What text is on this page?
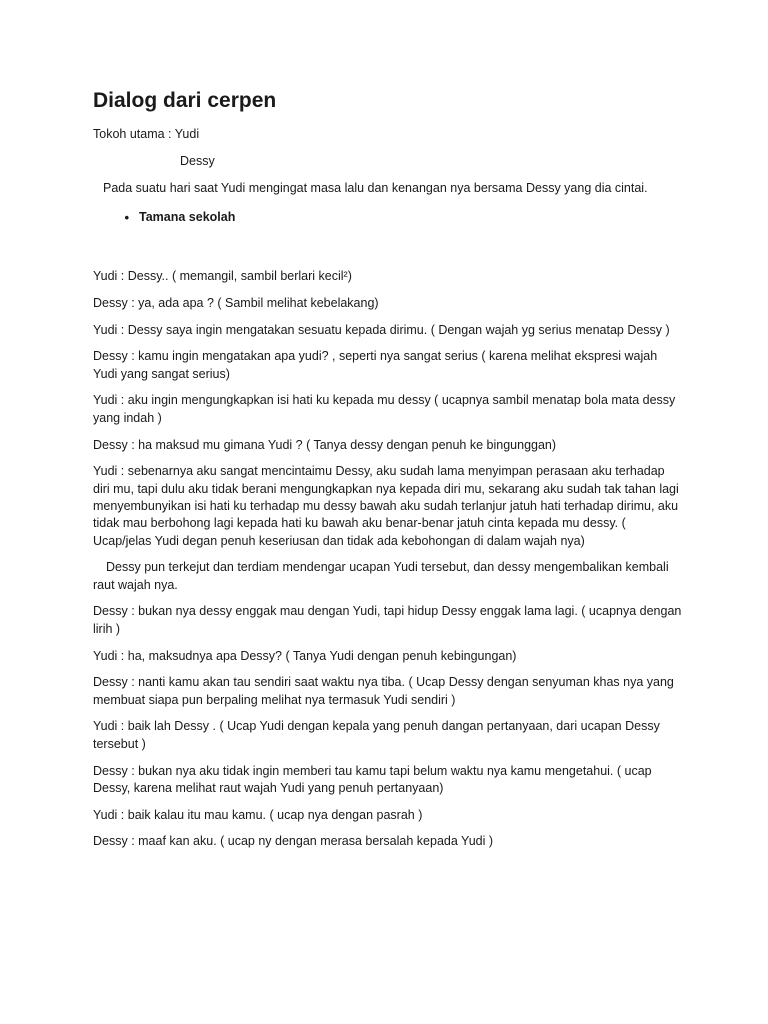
Dialog dari cerpen
Tokoh utama : Yudi
Dessy
Pada suatu hari saat Yudi mengingat masa lalu dan kenangan nya bersama Dessy yang dia cintai.
• Tamana sekolah
Yudi : Dessy.. ( memangil, sambil berlari kecil²)
Dessy : ya, ada apa ? ( Sambil melihat kebelakang)
Yudi : Dessy saya ingin mengatakan sesuatu kepada dirimu. ( Dengan wajah yg serius menatap Dessy )
Dessy : kamu ingin mengatakan apa yudi? , seperti nya sangat serius ( karena melihat ekspresi wajah Yudi yang sangat serius)
Yudi : aku ingin mengungkapkan isi hati ku kepada mu dessy ( ucapnya sambil menatap bola mata dessy yang indah )
Dessy : ha maksud mu gimana Yudi ? ( Tanya dessy dengan penuh ke bingunggan)
Yudi : sebenarnya aku sangat mencintaimu Dessy, aku sudah lama menyimpan perasaan aku terhadap diri mu, tapi dulu aku tidak berani mengungkapkan nya kepada diri mu, sekarang aku sudah tak tahan lagi menyembunyikan isi hati ku terhadap mu dessy bawah aku sudah terlanjur jatuh hati terhadap dirimu, aku tidak mau berbohong lagi kepada hati ku bawah aku benar-benar jatuh cinta kepada mu dessy. ( Ucap/jelas Yudi degan penuh keseriusan dan tidak ada kebohongan di dalam wajah nya)
Dessy pun terkejut dan terdiam mendengar ucapan Yudi tersebut, dan dessy mengembalikan kembali raut wajah nya.
Dessy : bukan nya dessy enggak mau dengan Yudi, tapi hidup Dessy enggak lama lagi. ( ucapnya dengan lirih )
Yudi : ha, maksudnya apa Dessy? ( Tanya Yudi dengan penuh kebingungan)
Dessy : nanti kamu akan tau sendiri saat waktu nya tiba. ( Ucap Dessy dengan senyuman khas nya yang membuat siapa pun berpaling melihat nya termasuk Yudi sendiri )
Yudi : baik lah Dessy . ( Ucap Yudi dengan kepala yang penuh dangan pertanyaan, dari ucapan Dessy tersebut )
Dessy : bukan nya aku tidak ingin memberi tau kamu tapi belum waktu nya kamu mengetahui. ( ucap Dessy, karena melihat raut wajah Yudi yang penuh pertanyaan)
Yudi : baik kalau itu mau kamu. ( ucap nya dengan pasrah )
Dessy : maaf kan aku. ( ucap ny dengan merasa bersalah kepada Yudi )
